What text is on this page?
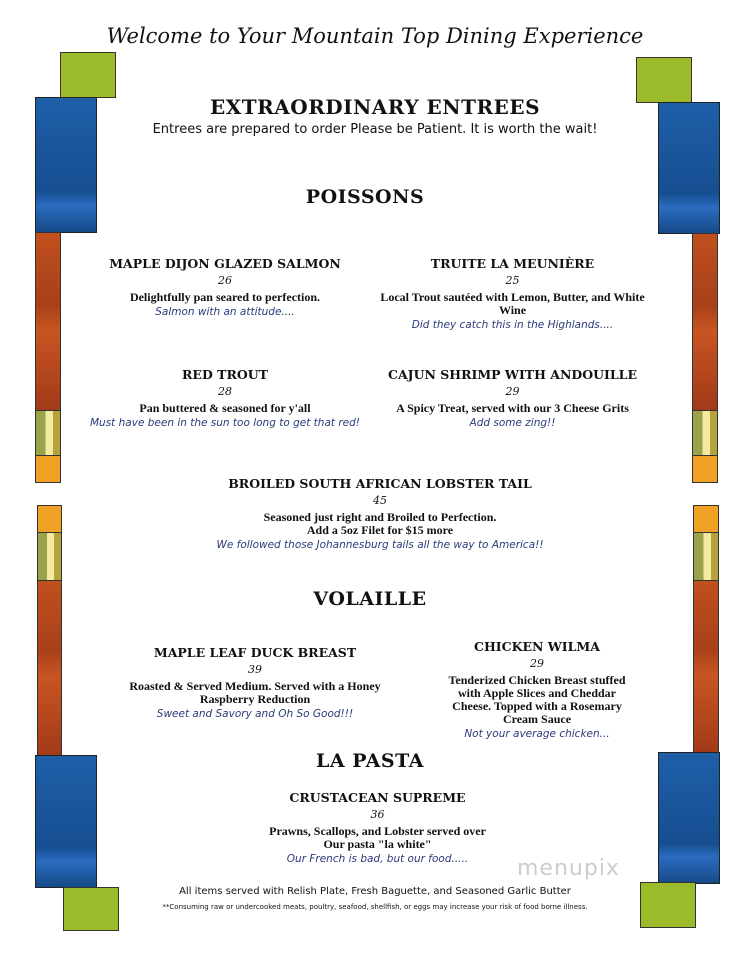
Welcome to Your Mountain Top Dining Experience
EXTRAORDINARY ENTREES
Entrees are prepared to order Please be Patient. It is worth the wait!
POISSONS
MAPLE DIJON GLAZED SALMON
26
Delightfully pan seared to perfection.
Salmon with an attitude....
TRUITE LA MEUNIÈRE
25
Local Trout sautéed with Lemon, Butter, and White Wine
Did they catch this in the Highlands....
RED TROUT
28
Pan buttered & seasoned for y'all
Must have been in the sun too long to get that red!
CAJUN SHRIMP WITH ANDOUILLE
29
A Spicy Treat, served with our 3 Cheese Grits
Add some zing!!
BROILED SOUTH AFRICAN LOBSTER TAIL
45
Seasoned just right and Broiled to Perfection.
Add a 5oz Filet for $15 more
We followed those Johannesburg tails all the way to America!!
VOLAILLE
MAPLE LEAF DUCK BREAST
39
Roasted & Served Medium. Served with a Honey Raspberry Reduction
Sweet and Savory and Oh So Good!!!
CHICKEN WILMA
29
Tenderized Chicken Breast stuffed with Apple Slices and Cheddar Cheese. Topped with a Rosemary Cream Sauce
Not your average chicken...
LA PASTA
CRUSTACEAN SUPREME
36
Prawns, Scallops, and Lobster served over
Our pasta "la white"
Our French is bad, but our food.....	menupix
All items served with Relish Plate, Fresh Baguette, and Seasoned Garlic Butter
**Consuming raw or undercooked meats, poultry, seafood, shellfish, or eggs may increase your risk of food borne illness.
